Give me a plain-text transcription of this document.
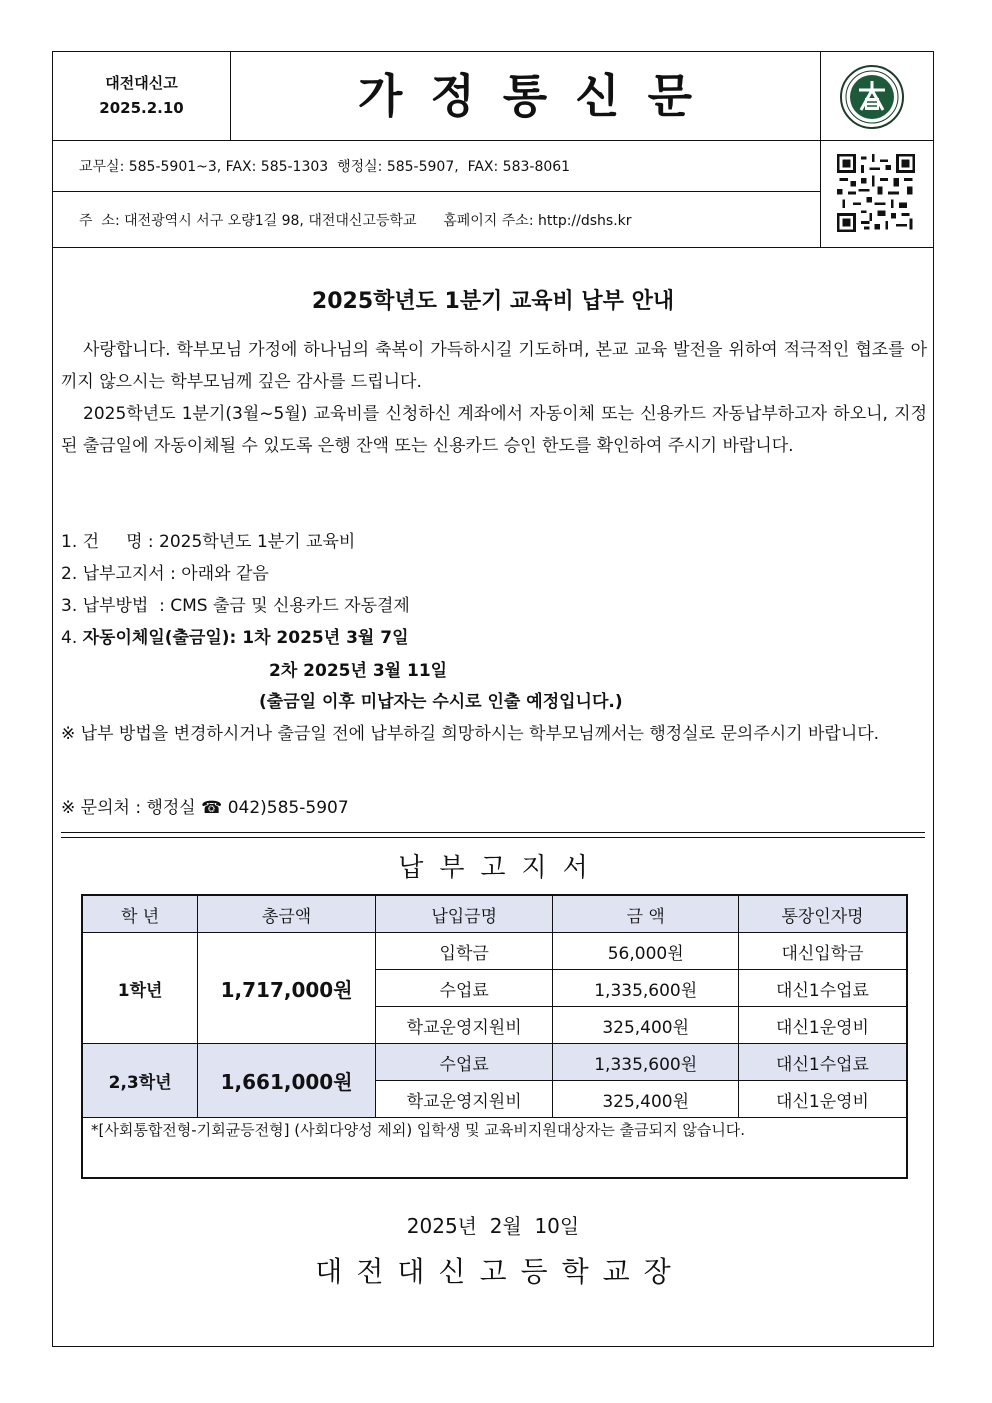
대전대신고
2025.2.10	가정통신문
교무실: 585-5901~3, FAX: 585-1303  행정실: 585-5907,  FAX: 583-8061
주  소: 대전광역시 서구 오량1길 98, 대전대신고등학교      홈페이지 주소: http://dshs.kr
2025학년도 1분기 교육비 납부 안내
사랑합니다. 학부모님 가정에 하나님의 축복이 가득하시길 기도하며, 본교 교육 발전을 위하여 적극적인 협조를 아끼지 않으시는 학부모님께 깊은 감사를 드립니다.
2025학년도 1분기(3월~5월) 교육비를 신청하신 계좌에서 자동이체 또는 신용카드 자동납부하고자 하오니, 지정된 출금일에 자동이체될 수 있도록 은행 잔액 또는 신용카드 승인 한도를 확인하여 주시기 바랍니다.
1. 건     명 : 2025학년도 1분기 교육비
2. 납부고지서 : 아래와 같음
3. 납부방법  : CMS 출금 및 신용카드 자동결제
4. 자동이체일(출금일): 1차 2025년 3월 7일
2차 2025년 3월 11일
(출금일 이후 미납자는 수시로 인출 예정입니다.)
※ 납부 방법을 변경하시거나 출금일 전에 납부하길 희망하시는 학부모님께서는 행정실로 문의주시기 바랍니다.
※ 문의처 : 행정실 ☎ 042)585-5907
납부고지서
학 년	총금액	납입금명	금 액	통장인자명
1학년	1,717,000원	입학금	56,000원	대신입학금
		수업료	1,335,600원	대신1수업료
		학교운영지원비	325,400원	대신1운영비
2,3학년	1,661,000원	수업료	1,335,600원	대신1수업료
		학교운영지원비	325,400원	대신1운영비
*[사회통합전형-기회균등전형] (사회다양성 제외) 입학생 및 교육비지원대상자는 출금되지 않습니다.
2025년  2월  10일
대전대신고등학교장
